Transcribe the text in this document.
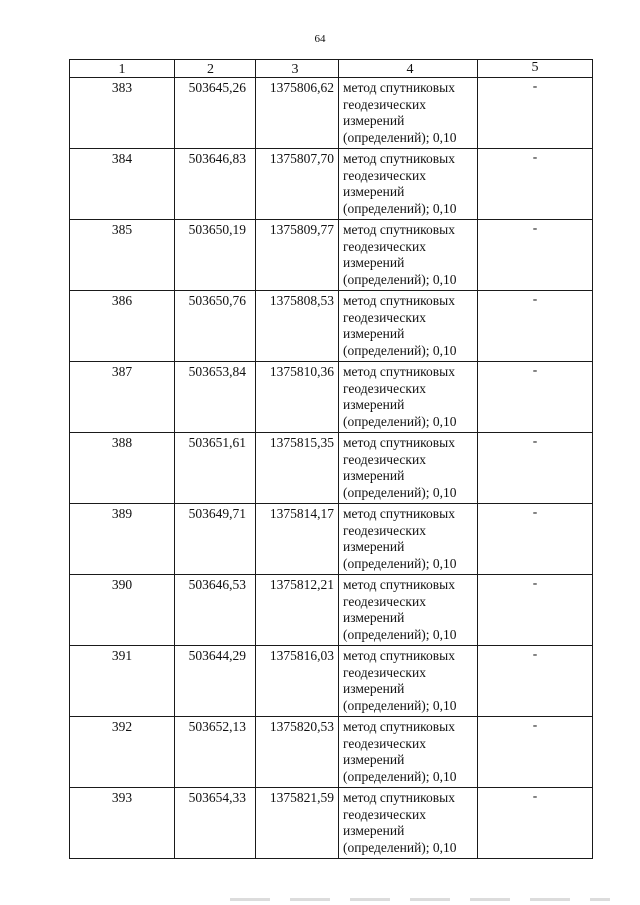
64
1	2	3	4	5
383	503645,26	1375806,62	метод спутниковых геодезических измерений (определений); 0,10	-
384	503646,83	1375807,70	метод спутниковых геодезических измерений (определений); 0,10	-
385	503650,19	1375809,77	метод спутниковых геодезических измерений (определений); 0,10	-
386	503650,76	1375808,53	метод спутниковых геодезических измерений (определений); 0,10	-
387	503653,84	1375810,36	метод спутниковых геодезических измерений (определений); 0,10	-
388	503651,61	1375815,35	метод спутниковых геодезических измерений (определений); 0,10	-
389	503649,71	1375814,17	метод спутниковых геодезических измерений (определений); 0,10	-
390	503646,53	1375812,21	метод спутниковых геодезических измерений (определений); 0,10	-
391	503644,29	1375816,03	метод спутниковых геодезических измерений (определений); 0,10	-
392	503652,13	1375820,53	метод спутниковых геодезических измерений (определений); 0,10	-
393	503654,33	1375821,59	метод спутниковых геодезических измерений (определений); 0,10	-
